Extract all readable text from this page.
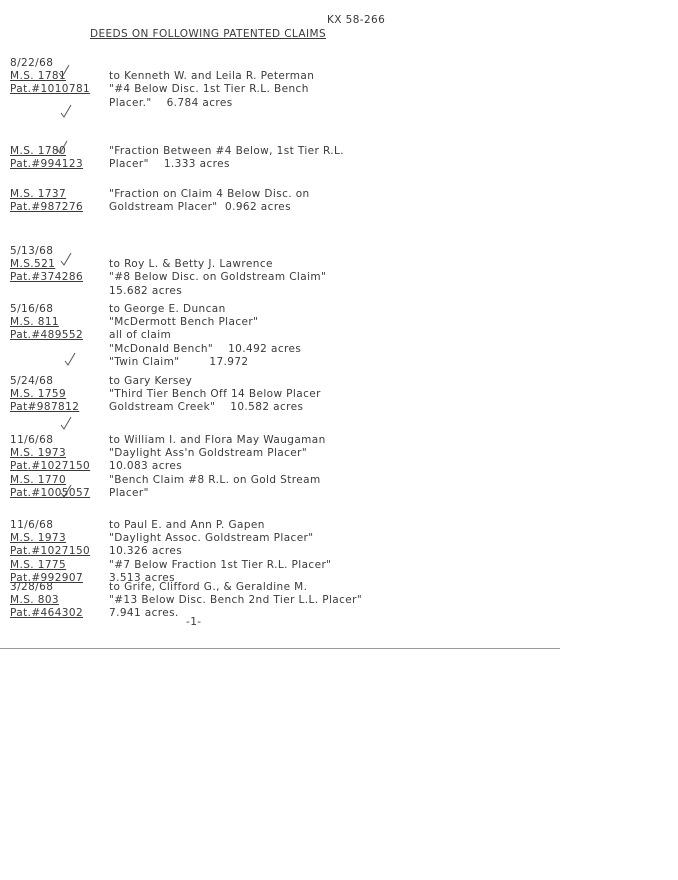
KX 58-266
DEEDS ON FOLLOWING PATENTED CLAIMS
8/22/68
M.S. 1781
Pat.#1010781
to Kenneth W. and Leila R. Peterman
"#4 Below Disc. 1st Tier R.L. Bench
Placer."    6.784 acres
M.S. 1780
Pat.#994123
"Fraction Between #4 Below, 1st Tier R.L.
Placer"    1.333 acres
M.S. 1737
Pat.#987276
"Fraction on Claim 4 Below Disc. on
Goldstream Placer"  0.962 acres
5/13/68
M.S.521
Pat.#374286
to Roy L. & Betty J. Lawrence
"#8 Below Disc. on Goldstream Claim"
15.682 acres
5/16/68
M.S. 811
Pat.#489552
to George E. Duncan
"McDermott Bench Placer"
all of claim
"McDonald Bench"    10.492 acres
"Twin Claim"        17.972
5/24/68
M.S. 1759
Pat#987812
to Gary Kersey
"Third Tier Bench Off 14 Below Placer
Goldstream Creek"    10.582 acres
11/6/68
M.S. 1973
Pat.#1027150
M.S. 1770
Pat.#1005057
to William I. and Flora May Waugaman
"Daylight Ass'n Goldstream Placer"
10.083 acres
"Bench Claim #8 R.L. on Gold Stream
Placer"
11/6/68
M.S. 1973
Pat.#1027150
M.S. 1775
Pat.#992907
to Paul E. and Ann P. Gapen
"Daylight Assoc. Goldstream Placer"
10.326 acres
"#7 Below Fraction 1st Tier R.L. Placer"
3.513 acres
3/28/68
M.S. 803
Pat.#464302
to Grife, Clifford G., & Geraldine M.
"#13 Below Disc. Bench 2nd Tier L.L. Placer"
7.941 acres.
-1-
